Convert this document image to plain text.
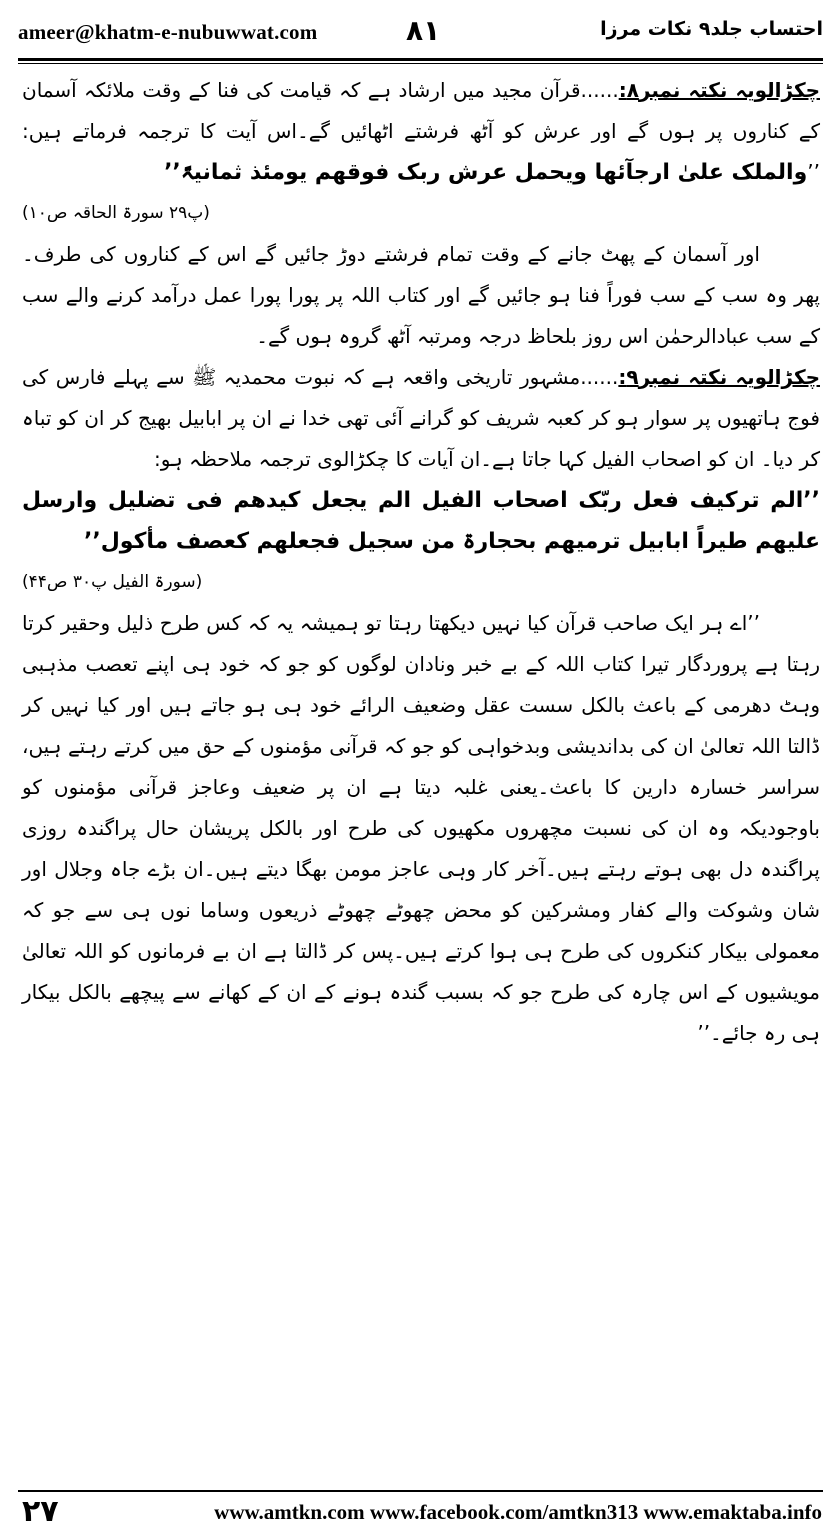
ameer@khatm-e-nubuwwat.com	۸۱	احتساب جلد۹ نکات مرزا

چکڑالویہ نکتہ نمبر۸:......قرآن مجید میں ارشاد ہے کہ قیامت کی فنا کے وقت ملائکہ آسمان کے کناروں پر ہوں گے اور عرش کو آٹھ فرشتے اٹھائیں گے۔اس آیت کا ترجمہ فرماتے ہیں: ’’والملک علیٰ ارجآئھا ویحمل عرش ربک فوقھم یومئذ ثمانیۃً’’

(پ۲۹ سورۃ الحاقہ ص۱۰)

اور آسمان کے پھٹ جانے کے وقت تمام فرشتے دوڑ جائیں گے اس کے کناروں کی طرف۔ پھر وہ سب کے سب فوراً فنا ہو جائیں گے اور کتاب اللہ پر پورا پورا عمل درآمد کرنے والے سب کے سب عبادالرحمٰن اس روز بلحاظ درجہ ومرتبہ آٹھ گروہ ہوں گے۔

چکڑالویہ نکتہ نمبر۹:......مشہور تاریخی واقعہ ہے کہ نبوت محمدیہ ﷺ سے پہلے فارس کی فوج ہاتھیوں پر سوار ہو کر کعبہ شریف کو گرانے آئی تھی خدا نے ان پر ابابیل بھیج کر ان کو تباہ کر دیا۔ ان کو اصحاب الفیل کہا جاتا ہے۔ان آیات کا چکڑالوی ترجمہ ملاحظہ ہو:

’’الم ترکیف فعل ربّک اصحاب الفیل الم یجعل کیدھم فی تضلیل وارسل علیھم طیراً ابابیل ترمیھم بحجارۃ من سجیل فجعلھم کعصف مأکول’’

(سورۃ الفیل پ۳۰ ص۴۴)

’’اے ہر ایک صاحب قرآن کیا نہیں دیکھتا رہتا تو ہمیشہ یہ کہ کس طرح ذلیل وحقیر کرتا رہتا ہے پروردگار تیرا کتاب اللہ کے بے خبر ونادان لوگوں کو جو کہ خود ہی اپنے تعصب مذہبی وہٹ دھرمی کے باعث بالکل سست عقل وضعیف الرائے خود ہی ہو جاتے ہیں اور کیا نہیں کر ڈالتا اللہ تعالیٰ ان کی بداندیشی وبدخواہی کو جو کہ قرآنی مؤمنوں کے حق میں کرتے رہتے ہیں، سراسر خسارہ دارین کا باعث۔یعنی غلبہ دیتا ہے ان پر ضعیف وعاجز قرآنی مؤمنوں کو باوجودیکہ وہ ان کی نسبت مچھروں مکھیوں کی طرح اور بالکل پریشان حال پراگندہ روزی پراگندہ دل بھی ہوتے رہتے ہیں۔آخر کار وہی عاجز مومن بھگا دیتے ہیں۔ان بڑے جاہ وجلال اور شان وشوکت والے کفار ومشرکین کو محض چھوٹے چھوٹے ذریعوں وساما نوں ہی سے جو کہ معمولی بیکار کنکروں کی طرح ہی ہوا کرتے ہیں۔پس کر ڈالتا ہے ان بے فرمانوں کو اللہ تعالیٰ مویشیوں کے اس چارہ کی طرح جو کہ بسبب گندہ ہونے کے ان کے کھانے سے پیچھے بالکل بیکار ہی رہ جائے۔’’

۲۷	www.amtkn.com www.facebook.com/amtkn313 www.emaktaba.info
